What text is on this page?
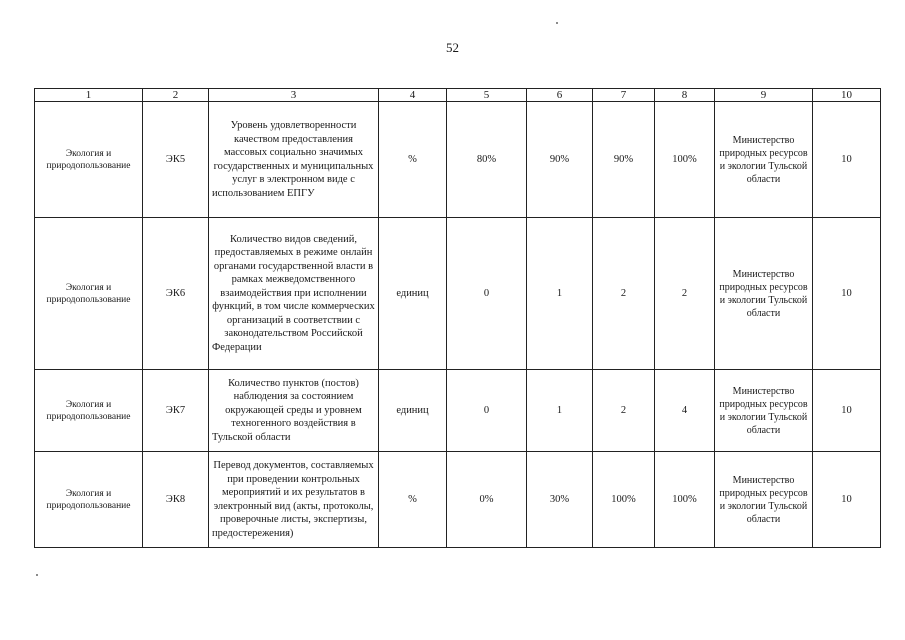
52
1	2	3	4	5	6	7	8	9	10
Экология и природопользование	ЭК5	Уровень удовлетворенности качеством предоставления массовых социально значимых государственных и муниципальных услуг в электронном виде с использованием ЕПГУ	%	80%	90%	90%	100%	Министерство природных ресурсов и экологии Тульской области	10
Экология и природопользование	ЭК6	Количество видов сведений, предоставляемых в режиме онлайн органами государственной власти в рамках межведомственного взаимодействия при исполнении функций, в том числе коммерческих организаций в соответствии с законодательством Российской Федерации	единиц	0	1	2	2	Министерство природных ресурсов и экологии Тульской области	10
Экология и природопользование	ЭК7	Количество пунктов (постов) наблюдения за состоянием окружающей среды и уровнем техногенного воздействия в Тульской области	единиц	0	1	2	4	Министерство природных ресурсов и экологии Тульской области	10
Экология и природопользование	ЭК8	Перевод документов, составляемых при проведении контрольных мероприятий и их результатов в электронный вид (акты, протоколы, проверочные листы, экспертизы, предостережения)	%	0%	30%	100%	100%	Министерство природных ресурсов и экологии Тульской области	10
